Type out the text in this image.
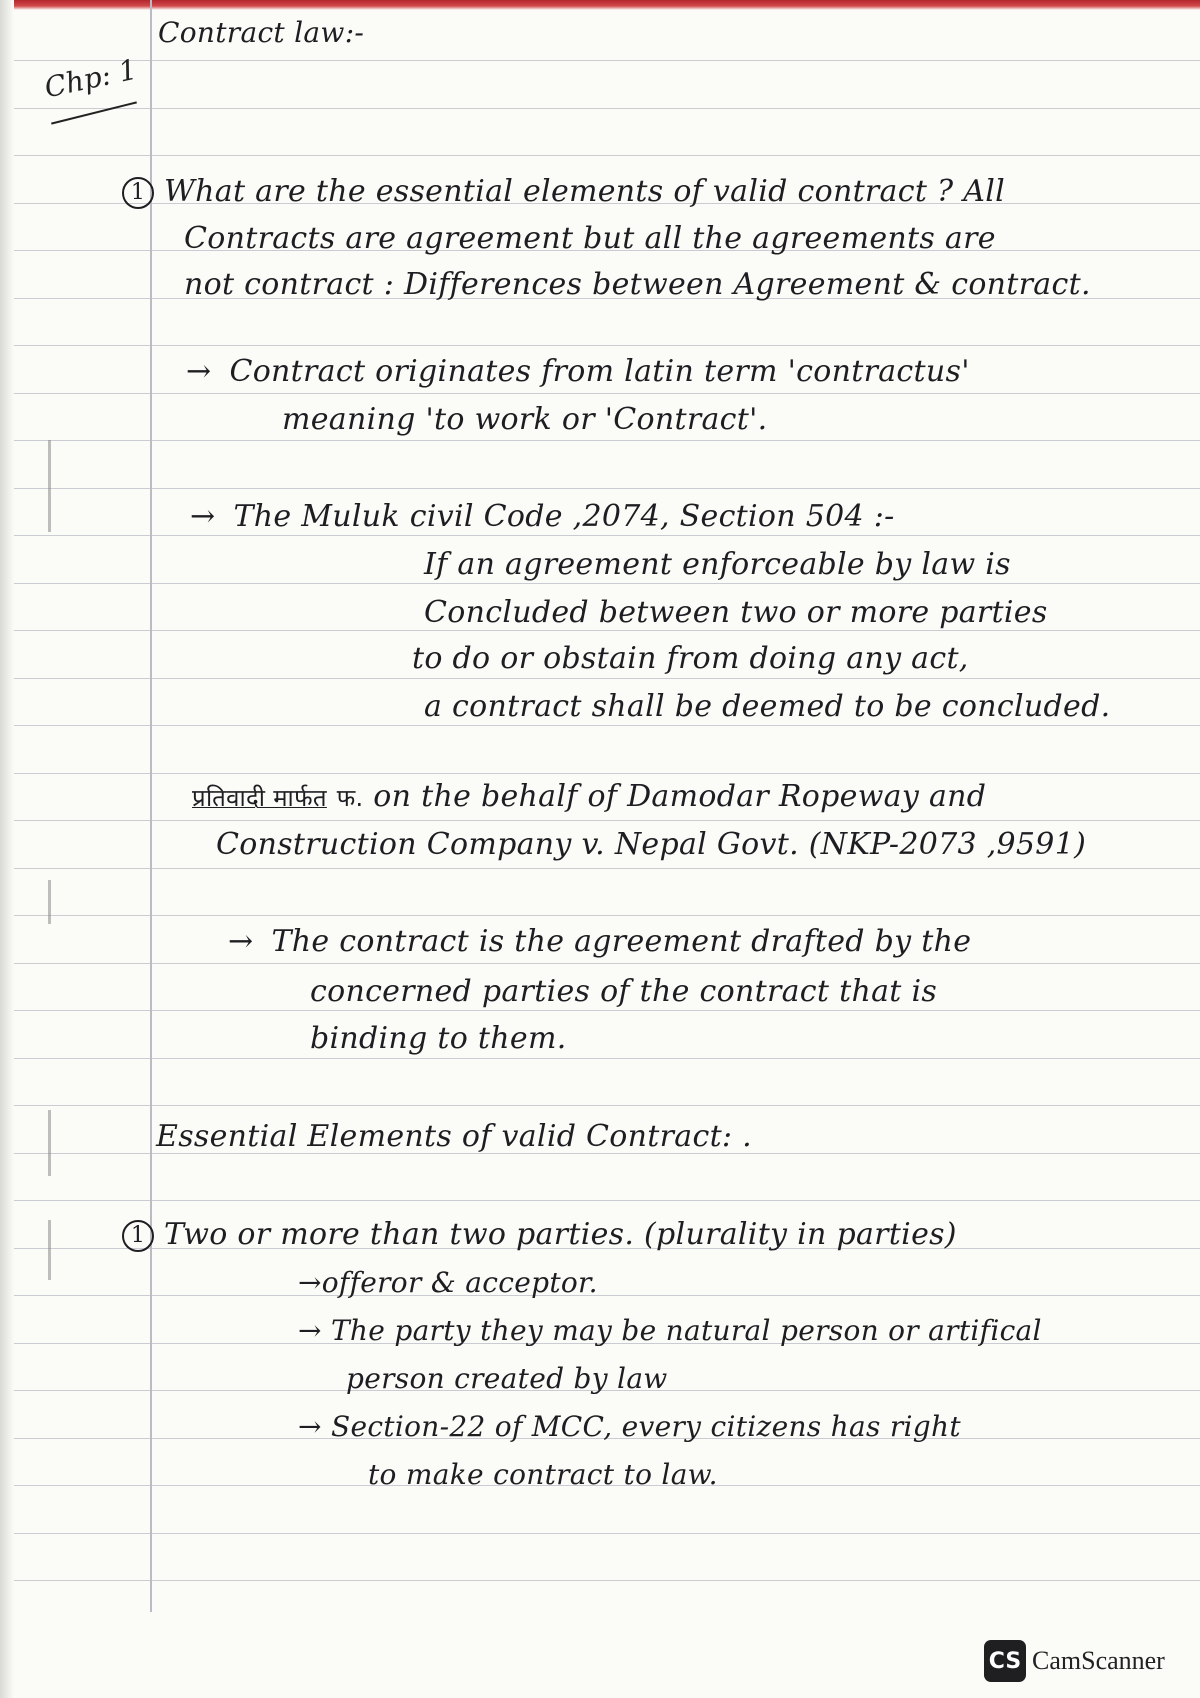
Contract law:-
Chp: 1
1 What are the essential elements of valid contract ? All
Contracts are agreement but all the agreements are
not contract : Differences between Agreement & contract.
→ Contract originates from latin term 'contractus'
meaning 'to work or 'Contract'.
→ The Muluk civil Code ,2074, Section 504 :-
If an agreement enforceable by law is
Concluded between two or more parties
to do or obstain from doing any act,
a contract shall be deemed to be concluded.
प्रतिवादी मार्फत फ. on the behalf of Damodar Ropeway and
Construction Company v. Nepal Govt. (NKP-2073 ,9591)
→ The contract is the agreement drafted by the
concerned parties of the contract that is
binding to them.
Essential Elements of valid Contract: .
1 Two or more than two parties. (plurality in parties)
→offeror & acceptor.
→ The party they may be natural person or artifical
person created by law
→ Section-22 of MCC, every citizens has right
to make contract to law.
CS CamScanner
